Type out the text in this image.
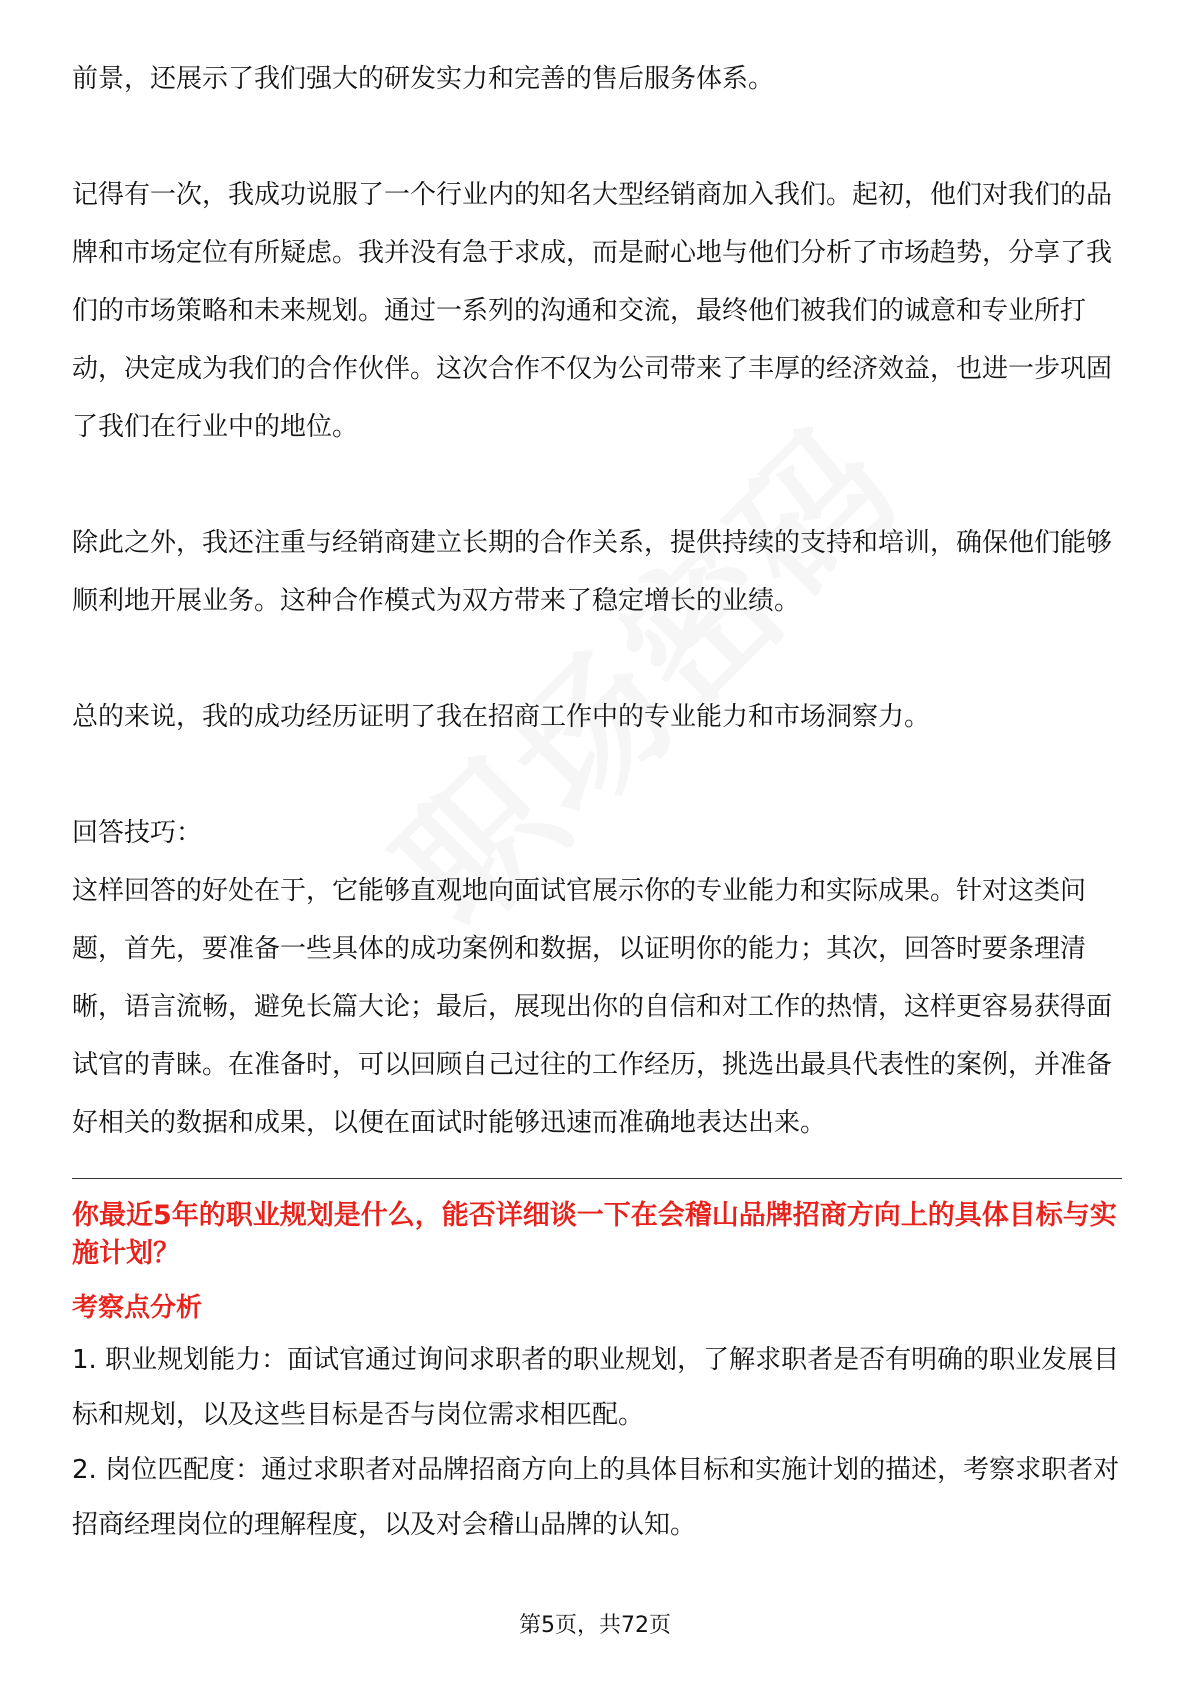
前景，还展示了我们强大的研发实力和完善的售后服务体系。

记得有一次，我成功说服了一个行业内的知名大型经销商加入我们。起初，他们对我们的品牌和市场定位有所疑虑。我并没有急于求成，而是耐心地与他们分析了市场趋势，分享了我们的市场策略和未来规划。通过一系列的沟通和交流，最终他们被我们的诚意和专业所打动，决定成为我们的合作伙伴。这次合作不仅为公司带来了丰厚的经济效益，也进一步巩固了我们在行业中的地位。

除此之外，我还注重与经销商建立长期的合作关系，提供持续的支持和培训，确保他们能够顺利地开展业务。这种合作模式为双方带来了稳定增长的业绩。

总的来说，我的成功经历证明了我在招商工作中的专业能力和市场洞察力。

回答技巧：

这样回答的好处在于，它能够直观地向面试官展示你的专业能力和实际成果。针对这类问题，首先，要准备一些具体的成功案例和数据，以证明你的能力；其次，回答时要条理清晰，语言流畅，避免长篇大论；最后，展现出你的自信和对工作的热情，这样更容易获得面试官的青睐。在准备时，可以回顾自己过往的工作经历，挑选出最具代表性的案例，并准备好相关的数据和成果，以便在面试时能够迅速而准确地表达出来。

你最近5年的职业规划是什么，能否详细谈一下在会稽山品牌招商方向上的具体目标与实施计划？

考察点分析

1. 职业规划能力：面试官通过询问求职者的职业规划，了解求职者是否有明确的职业发展目标和规划，以及这些目标是否与岗位需求相匹配。

2. 岗位匹配度：通过求职者对品牌招商方向上的具体目标和实施计划的描述，考察求职者对招商经理岗位的理解程度，以及对会稽山品牌的认知。

第5页，共72页
